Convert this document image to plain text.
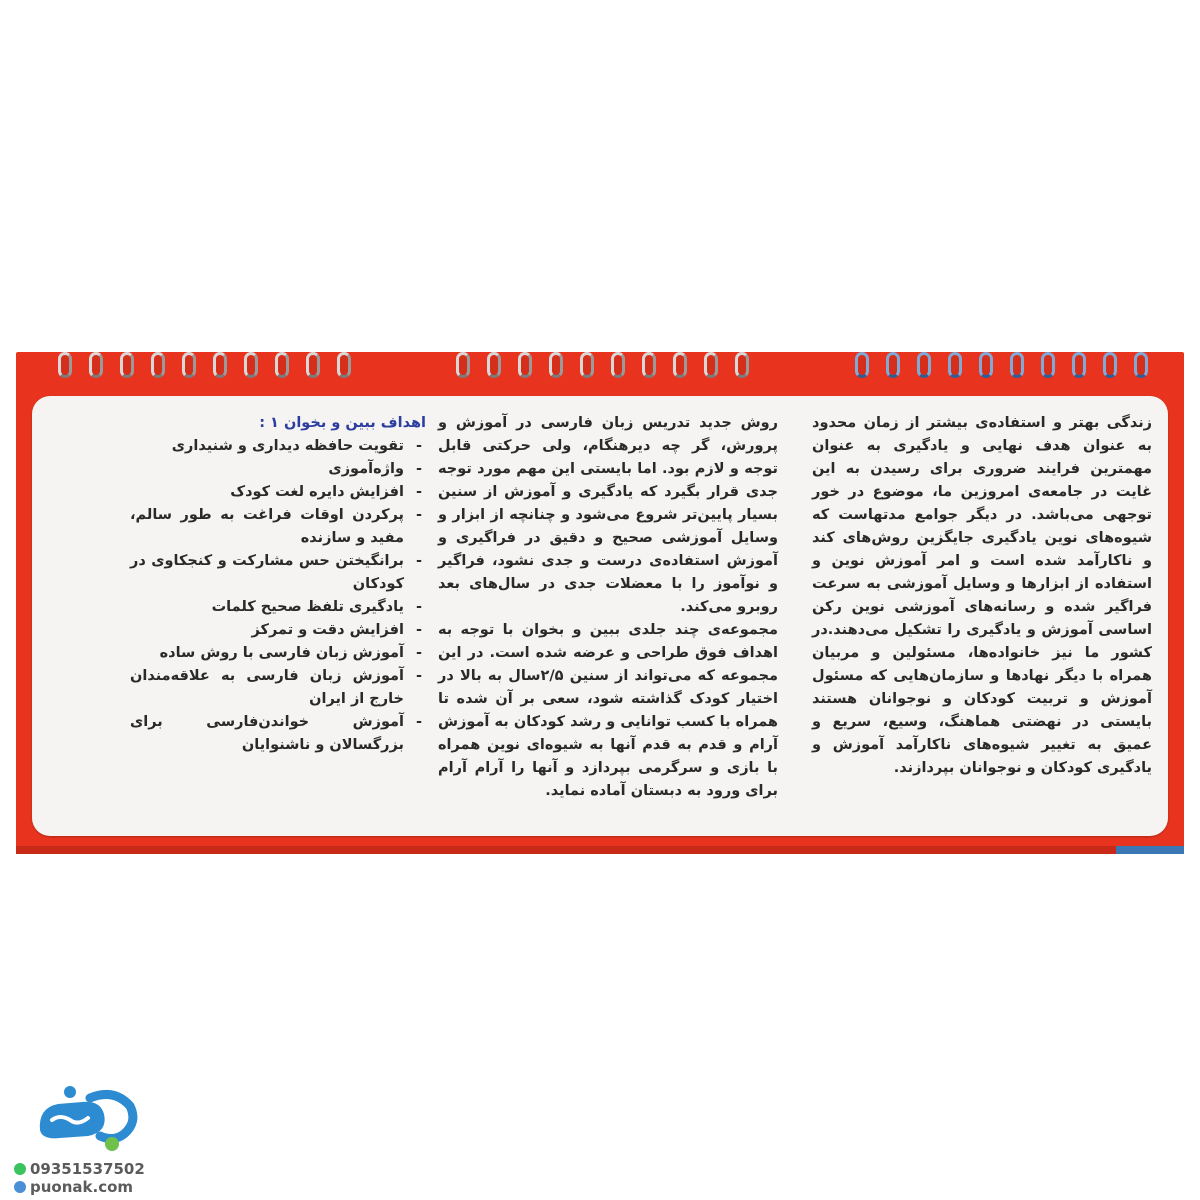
زندگی بهتر و استفاده‌ی بیشتر از زمان محدود به عنوان هدف نهایی و یادگیری به عنوان مهمترین فرایند ضروری برای رسیدن به این غایت در جامعه‌ی امروزین ما، موضوع در خور توجهی می‌باشد. در دیگر جوامع مدتهاست که شیوه‌های نوین یادگیری جایگزین روش‌های کند و ناکارآمد شده است و امر آموزش نوین و استفاده از ابزارها و وسایل آموزشی به سرعت فراگیر شده و رسانه‌های آموزشی نوین رکن اساسی آموزش و یادگیری را تشکیل می‌دهند.در کشور ما نیز خانواده‌ها، مسئولین و مربیان همراه با دیگر نهادها و سازمان‌هایی که مسئول آموزش و تربیت کودکان و نوجوانان هستند بایستی در نهضتی هماهنگ، وسیع، سریع و عمیق به تغییر شیوه‌های ناکارآمد آموزش و یادگیری کودکان و نوجوانان بپردازند.

روش جدید تدریس زبان فارسی در آموزش و پرورش، گر چه دیرهنگام، ولی حرکتی قابل توجه و لازم بود. اما بایستی این مهم مورد توجه جدی قرار بگیرد که یادگیری و آموزش از سنین بسیار پایین‌تر شروع می‌شود و چنانچه از ابزار و وسایل آموزشی صحیح و دقیق در فراگیری و آموزش استفاده‌ی درست و جدی نشود، فراگیر و نوآموز را با معضلات جدی در سال‌های بعد روبرو می‌کند.

مجموعه‌ی چند جلدی ببین و بخوان با توجه به اهداف فوق طراحی و عرضه شده است. در این مجموعه که می‌تواند از سنین ۲/۵سال به بالا در اختیار کودک گذاشته شود، سعی بر آن شده تا همراه با کسب توانایی و رشد کودکان به آموزش آرام و قدم به قدم آنها به شیوه‌ای نوین همراه با بازی و سرگرمی بپردازد و آنها را آرام آرام برای ورود به دبستان آماده نماید.

اهداف ببین و بخوان ۱ :

- تقویت حافظه دیداری و شنیداری
- واژه‌آموزی
- افزایش دایره لغت کودک
- پرکردن اوقات فراغت به طور سالم، مفید و سازنده
- برانگیختن حس مشارکت و کنجکاوی در کودکان
- یادگیری تلفظ صحیح کلمات
- افزایش دقت و تمرکز
- آموزش زبان فارسی با روش ساده
- آموزش زبان فارسی به علاقه‌مندان خارج از ایران
- آموزش خواندن‌فارسی برای بزرگسالان و ناشنوایان
09351537502
puonak.com
